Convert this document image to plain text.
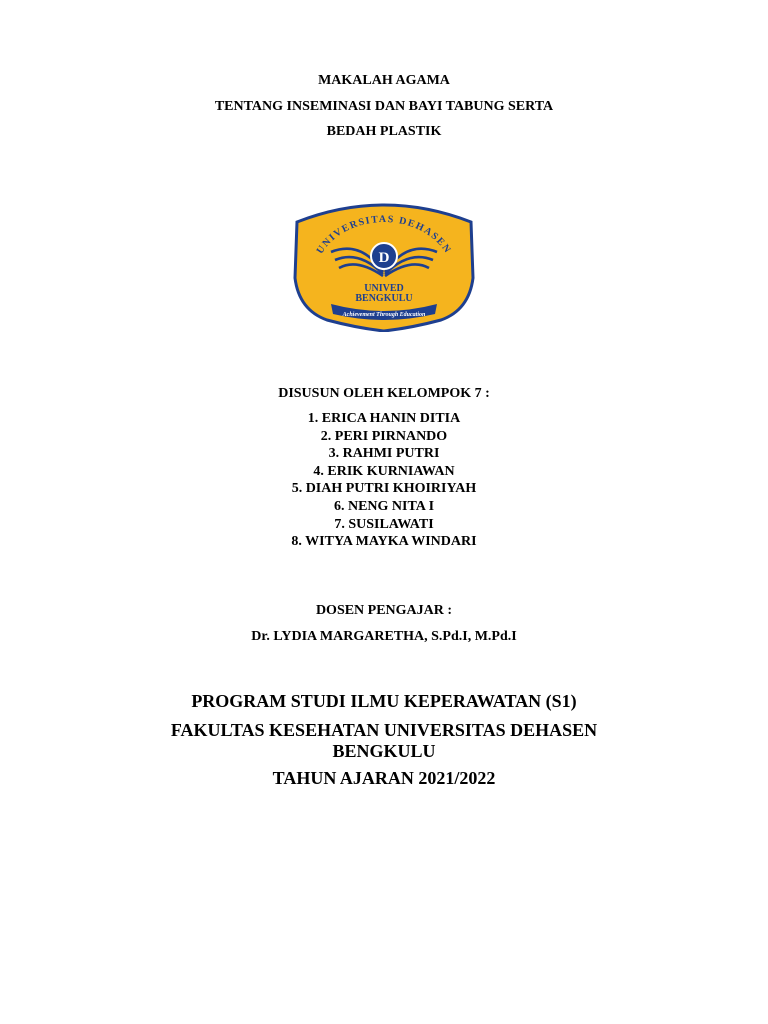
MAKALAH AGAMA
TENTANG INSEMINASI DAN BAYI TABUNG SERTA
BEDAH PLASTIK
UNIVERSITAS DEHASEN
D
UNIVED
BENGKULU
Achievement Through Education
DISUSUN OLEH KELOMPOK 7 :
1. ERICA HANIN DITIA
2. PERI PIRNANDO
3. RAHMI PUTRI
4. ERIK KURNIAWAN
5. DIAH PUTRI KHOIRIYAH
6. NENG NITA I
7. SUSILAWATI
8. WITYA MAYKA WINDARI
DOSEN PENGAJAR :
Dr. LYDIA MARGARETHA, S.Pd.I, M.Pd.I
PROGRAM STUDI ILMU KEPERAWATAN (S1)
FAKULTAS KESEHATAN UNIVERSITAS DEHASEN
BENGKULU
TAHUN AJARAN 2021/2022
